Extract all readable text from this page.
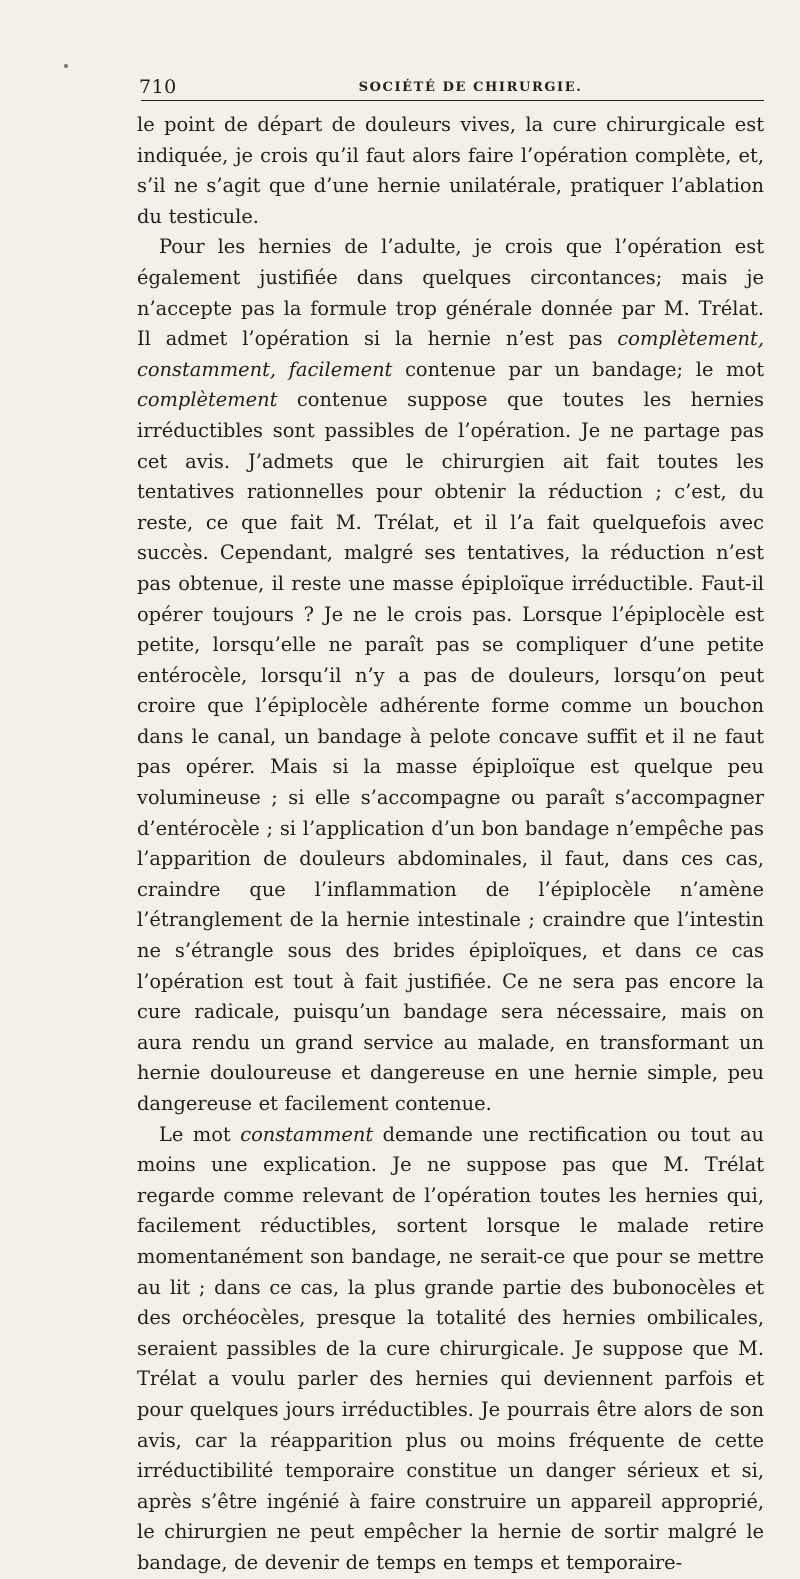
710	SOCIÉTÉ DE CHIRURGIE.

le point de départ de douleurs vives, la cure chirurgicale est indiquée, je crois qu’il faut alors faire l’opération complète, et, s’il ne s’agit que d’une hernie unilatérale, pratiquer l’ablation du testicule.

Pour les hernies de l’adulte, je crois que l’opération est également justifiée dans quelques circontances; mais je n’accepte pas la formule trop générale donnée par M. Trélat. Il admet l’opération si la hernie n’est pas complètement, constamment, facilement contenue par un bandage; le mot complètement contenue suppose que toutes les hernies irréductibles sont passibles de l’opération. Je ne partage pas cet avis. J’admets que le chirurgien ait fait toutes les tentatives rationnelles pour obtenir la réduction ; c’est, du reste, ce que fait M. Trélat, et il l’a fait quelquefois avec succès. Cependant, malgré ses tentatives, la réduction n’est pas obtenue, il reste une masse épiploïque irréductible. Faut-il opérer toujours ? Je ne le crois pas. Lorsque l’épiplocèle est petite, lorsqu’elle ne paraît pas se compliquer d’une petite entérocèle, lorsqu’il n’y a pas de douleurs, lorsqu’on peut croire que l’épiplocèle adhérente forme comme un bouchon dans le canal, un bandage à pelote concave suffit et il ne faut pas opérer. Mais si la masse épiploïque est quelque peu volumineuse ; si elle s’accompagne ou paraît s’accompagner d’entérocèle ; si l’application d’un bon bandage n’empêche pas l’apparition de douleurs abdominales, il faut, dans ces cas, craindre que l’inflammation de l’épiplocèle n’amène l’étranglement de la hernie intestinale ; craindre que l’intestin ne s’étrangle sous des brides épiploïques, et dans ce cas l’opération est tout à fait justifiée. Ce ne sera pas encore la cure radicale, puisqu’un bandage sera nécessaire, mais on aura rendu un grand service au malade, en transformant un hernie douloureuse et dangereuse en une hernie simple, peu dangereuse et facilement contenue.

Le mot constamment demande une rectification ou tout au moins une explication. Je ne suppose pas que M. Trélat regarde comme relevant de l’opération toutes les hernies qui, facilement réductibles, sortent lorsque le malade retire momentanément son bandage, ne serait-ce que pour se mettre au lit ; dans ce cas, la plus grande partie des bubonocèles et des orchéocèles, presque la totalité des hernies ombilicales, seraient passibles de la cure chirurgicale. Je suppose que M. Trélat a voulu parler des hernies qui deviennent parfois et pour quelques jours irréductibles. Je pourrais être alors de son avis, car la réapparition plus ou moins fréquente de cette irréductibilité temporaire constitue un danger sérieux et si, après s’être ingénié à faire construire un appareil approprié, le chirurgien ne peut empêcher la hernie de sortir malgré le bandage, de devenir de temps en temps et temporaire-
